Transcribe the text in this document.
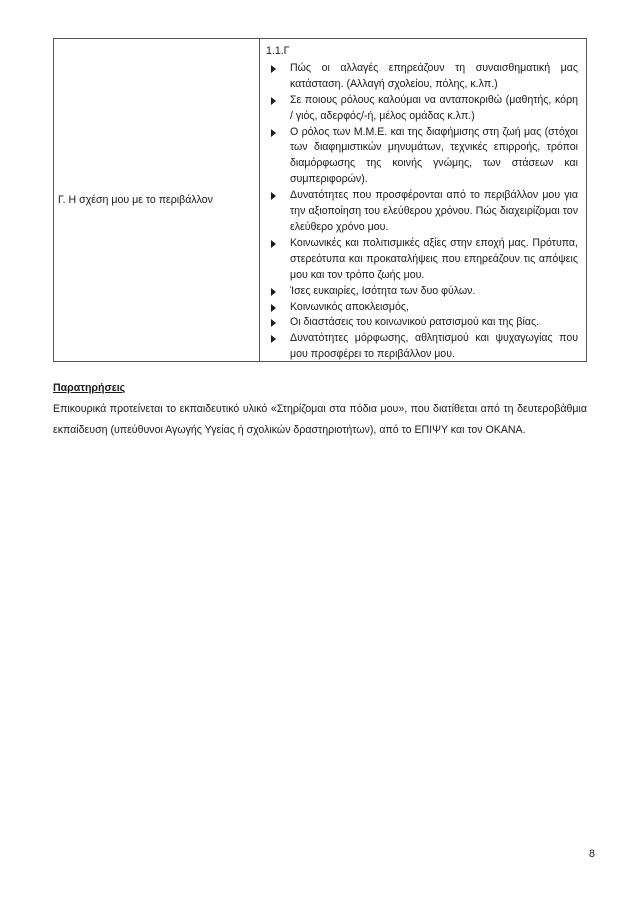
Γ. Η σχέση μου με το περιβάλλον
1.1.Γ
Πώς οι αλλαγές επηρεάζουν τη συναισθηματική μας κατάσταση. (Αλλαγή σχολείου, πόλης, κ.λπ.)
Σε ποιους ρόλους καλούμαι να ανταποκριθώ (μαθητής, κόρη / γιός, αδερφός/-ή, μέλος ομάδας κ.λπ.)
Ο ρόλος των Μ.Μ.Ε. και της διαφήμισης στη ζωή μας (στόχοι των διαφημιστικών μηνυμάτων, τεχνικές επιρροής, τρόποι διαμόρφωσης της κοινής γνώμης, των στάσεων και συμπεριφορών).
Δυνατότητες που προσφέρονται από το περιβάλλον μου για την αξιοποίηση του ελεύθερου χρόνου. Πώς διαχειρίζομαι τον ελεύθερο χρόνο μου.
Κοινωνικές και πολιτισμικές αξίες στην εποχή μας. Πρότυπα, στερεότυπα και προκαταλήψεις που επηρεάζουν τις απόψεις μου και τον τρόπο ζωής μου.
Ίσες ευκαιρίες, Ισότητα των δυο φύλων.
Κοινωνικός αποκλεισμός,
Οι διαστάσεις του κοινωνικού ρατσισμού και της βίας.
Δυνατότητες μόρφωσης, αθλητισμού και ψυχαγωγίας που μου προσφέρει το περιβάλλον μου.
Παρατηρήσεις

Επικουρικά προτείνεται το εκπαιδευτικό υλικό «Στηρίζομαι στα πόδια μου», που διατίθεται από τη δευτεροβάθμια εκπαίδευση (υπεύθυνοι Αγωγής Υγείας ή σχολικών δραστηριοτήτων), από το ΕΠΙΨΥ και τον ΟΚΑΝΑ.

8
